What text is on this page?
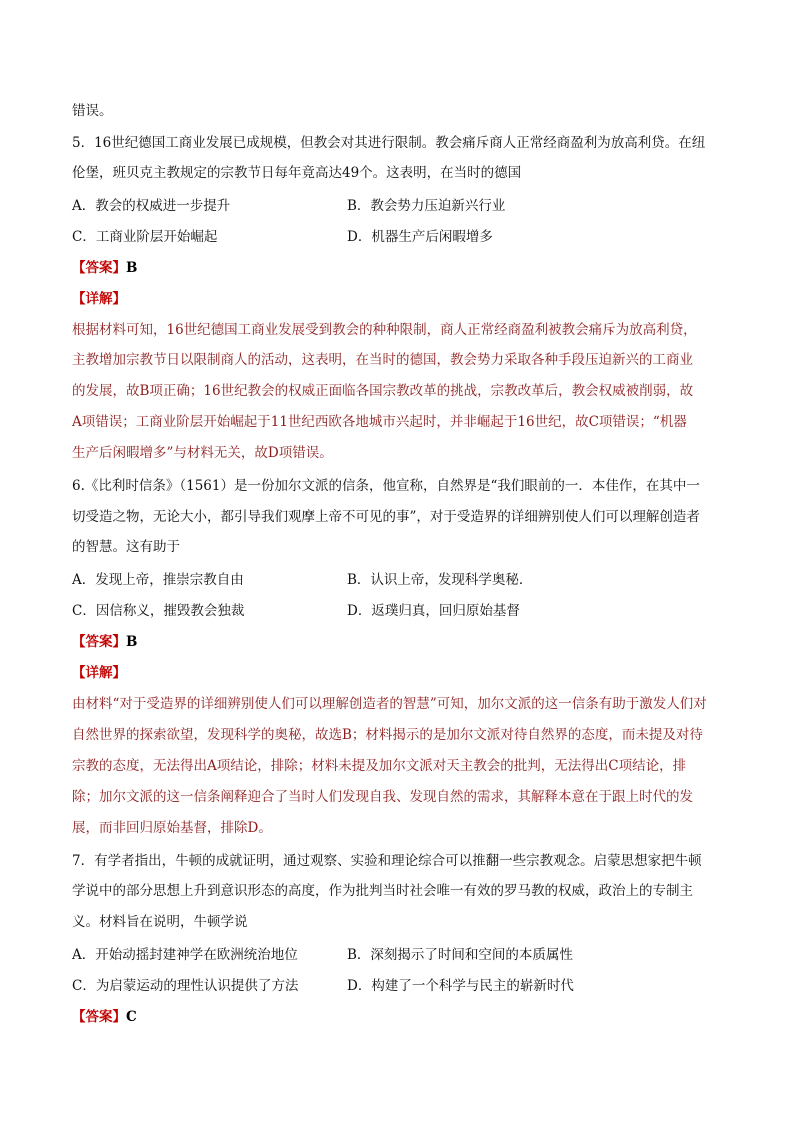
错误。
5．16世纪德国工商业发展已成规模，但教会对其进行限制。教会痛斥商人正常经商盈利为放高利贷。在纽
伦堡，班贝克主教规定的宗教节日每年竟高达49个。这表明，在当时的德国
A．教会的权威进一步提升	B．教会势力压迫新兴行业
C．工商业阶层开始崛起	D．机器生产后闲暇增多
【答案】B
【详解】
根据材料可知，16世纪德国工商业发展受到教会的种种限制，商人正常经商盈利被教会痛斥为放高利贷，
主教增加宗教节日以限制商人的活动，这表明，在当时的德国，教会势力采取各种手段压迫新兴的工商业
的发展，故B项正确；16世纪教会的权威正面临各国宗教改革的挑战，宗教改革后，教会权威被削弱，故
A项错误；工商业阶层开始崛起于11世纪西欧各地城市兴起时，并非崛起于16世纪，故C项错误；“机器
生产后闲暇增多”与材料无关，故D项错误。
6.《比利时信条》（1561）是一份加尔文派的信条，他宣称，自然界是“我们眼前的一．本佳作，在其中一
切受造之物，无论大小，都引导我们观摩上帝不可见的事”，对于受造界的详细辨别使人们可以理解创造者
的智慧。这有助于
A．发现上帝，推崇宗教自由	B．认识上帝，发现科学奥秘．
C．因信称义，摧毁教会独裁	D．返璞归真，回归原始基督
【答案】B
【详解】
由材料“对于受造界的详细辨别使人们可以理解创造者的智慧”可知，加尔文派的这一信条有助于激发人们对
自然世界的探索欲望，发现科学的奥秘，故选B；材料揭示的是加尔文派对待自然界的态度，而未提及对待
宗教的态度，无法得出A项结论，排除；材料未提及加尔文派对天主教会的批判，无法得出C项结论，排
除；加尔文派的这一信条阐释迎合了当时人们发现自我、发现自然的需求，其解释本意在于跟上时代的发
展，而非回归原始基督，排除D。
7．有学者指出，牛顿的成就证明，通过观察、实验和理论综合可以推翻一些宗教观念。启蒙思想家把牛顿
学说中的部分思想上升到意识形态的高度，作为批判当时社会唯一有效的罗马教的权威，政治上的专制主
义。材料旨在说明，牛顿学说
A．开始动摇封建神学在欧洲统治地位	B．深刻揭示了时间和空间的本质属性
C．为启蒙运动的理性认识提供了方法	D．构建了一个科学与民主的崭新时代
【答案】C
